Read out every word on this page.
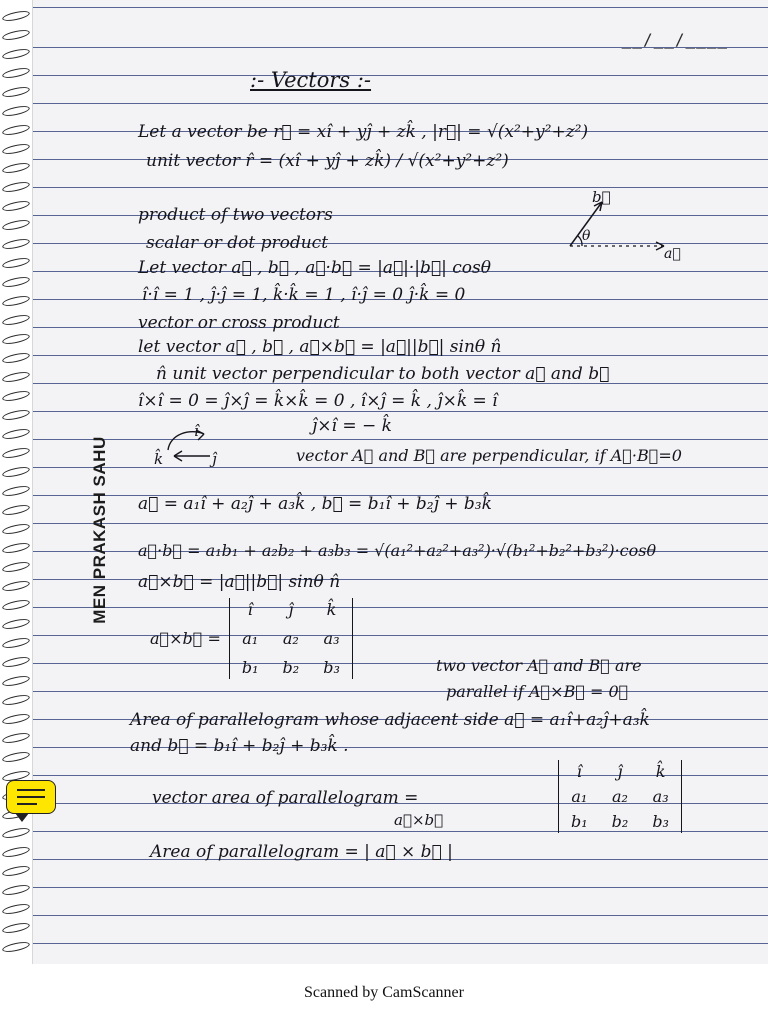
__/__/____
:- Vectors :-
Let a vector be r⃗ = xî + yĵ + zk̂ , |r⃗| = √(x²+y²+z²)
unit vector r̂ = (xî + yĵ + zk̂) / √(x²+y²+z²)
product of two vectors
scalar or dot product
Let vector a⃗ , b⃗ , a⃗·b⃗ = |a⃗|·|b⃗| cosθ
î·î = 1 , ĵ·ĵ = 1, k̂·k̂ = 1 , î·ĵ = 0 ĵ·k̂ = 0
vector or cross product
let vector a⃗ , b⃗ , a⃗×b⃗ = |a⃗||b⃗| sinθ n̂
n̂ unit vector perpendicular to both vector a⃗ and b⃗
î×î = 0 = ĵ×ĵ = k̂×k̂ = 0 , î×ĵ = k̂ , ĵ×k̂ = î
ĵ×î = − k̂
î
ĵ
k̂	vector A⃗ and B⃗ are perpendicular, if A⃗·B⃗=0
a⃗ = a₁î + a₂ĵ + a₃k̂ , b⃗ = b₁î + b₂ĵ + b₃k̂
a⃗·b⃗ = a₁b₁ + a₂b₂ + a₃b₃ = √(a₁²+a₂²+a₃²)·√(b₁²+b₂²+b₃²)·cosθ
a⃗×b⃗ = |a⃗||b⃗| sinθ n̂
a⃗×b⃗ =	î	ĵ	k̂
	a₁	a₂	a₃
	b₁	b₂	b₃	two vector A⃗ and B⃗ are
parallel if A⃗×B⃗ = 0⃗
Area of parallelogram whose adjacent side a⃗ = a₁î+a₂ĵ+a₃k̂
and b⃗ = b₁î + b₂ĵ + b₃k̂ .
vector area of parallelogram =
a⃗×b⃗
î	ĵ	k̂
a₁	a₂	a₃
b₁	b₂	b₃
Area of parallelogram = | a⃗ × b⃗ |
b⃗
θ
a⃗
MEN PRAKASH SAHU
Scanned by CamScanner
